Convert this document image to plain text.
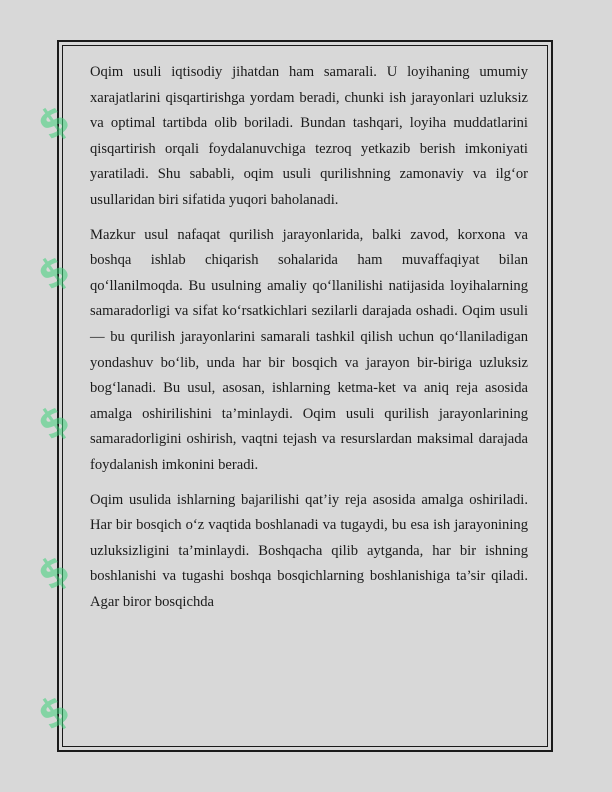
$
$
$
$
$

Oqim usuli iqtisodiy jihatdan ham samarali. U loyihaning umumiy xarajatlarini qisqartirishga yordam beradi, chunki ish jarayonlari uzluksiz va optimal tartibda olib boriladi. Bundan tashqari, loyiha muddatlarini qisqartirish orqali foydalanuvchiga tezroq yetkazib berish imkoniyati yaratiladi. Shu sababli, oqim usuli qurilishning zamonaviy va ilg‘or usullaridan biri sifatida yuqori baholanadi.

Mazkur usul nafaqat qurilish jarayonlarida, balki zavod, korxona va boshqa ishlab chiqarish sohalarida ham muvaffaqiyat bilan qo‘llanilmoqda. Bu usulning amaliy qo‘llanilishi natijasida loyihalarning samaradorligi va sifat ko‘rsatkichlari sezilarli darajada oshadi. Oqim usuli — bu qurilish jarayonlarini samarali tashkil qilish uchun qo‘llaniladigan yondashuv bo‘lib, unda har bir bosqich va jarayon bir-biriga uzluksiz bog‘lanadi. Bu usul, asosan, ishlarning ketma-ket va aniq reja asosida amalga oshirilishini ta’minlaydi. Oqim usuli qurilish jarayonlarining samaradorligini oshirish, vaqtni tejash va resurslardan maksimal darajada foydalanish imkonini beradi.

Oqim usulida ishlarning bajarilishi qat’iy reja asosida amalga oshiriladi. Har bir bosqich o‘z vaqtida boshlanadi va tugaydi, bu esa ish jarayonining uzluksizligini ta’minlaydi. Boshqacha qilib aytganda, har bir ishning boshlanishi va tugashi boshqa bosqichlarning boshlanishiga ta’sir qiladi. Agar biror bosqichda
